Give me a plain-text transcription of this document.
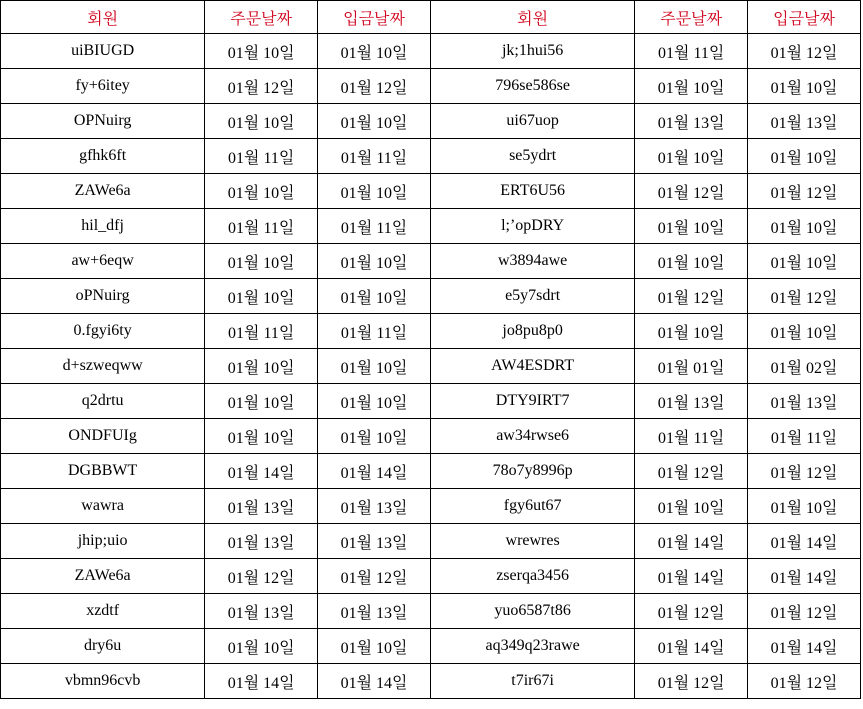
회원	주문날짜	입금날짜	회원	주문날짜	입금날짜
uiBIUGD	01월 10일	01월 10일	jk;1hui56	01월 11일	01월 12일
fy+6itey	01월 12일	01월 12일	796se586se	01월 10일	01월 10일
OPNuirg	01월 10일	01월 10일	ui67uop	01월 13일	01월 13일
gfhk6ft	01월 11일	01월 11일	se5ydrt	01월 10일	01월 10일
ZAWe6a	01월 10일	01월 10일	ERT6U56	01월 12일	01월 12일
hil_dfj	01월 11일	01월 11일	l;’opDRY	01월 10일	01월 10일
aw+6eqw	01월 10일	01월 10일	w3894awe	01월 10일	01월 10일
oPNuirg	01월 10일	01월 10일	e5y7sdrt	01월 12일	01월 12일
0.fgyi6ty	01월 11일	01월 11일	jo8pu8p0	01월 10일	01월 10일
d+szweqww	01월 10일	01월 10일	AW4ESDRT	01월 01일	01월 02일
q2drtu	01월 10일	01월 10일	DTY9IRT7	01월 13일	01월 13일
ONDFUIg	01월 10일	01월 10일	aw34rwse6	01월 11일	01월 11일
DGBBWT	01월 14일	01월 14일	78o7y8996p	01월 12일	01월 12일
wawra	01월 13일	01월 13일	fgy6ut67	01월 10일	01월 10일
jhip;uio	01월 13일	01월 13일	wrewres	01월 14일	01월 14일
ZAWe6a	01월 12일	01월 12일	zserqa3456	01월 14일	01월 14일
xzdtf	01월 13일	01월 13일	yuo6587t86	01월 12일	01월 12일
dry6u	01월 10일	01월 10일	aq349q23rawe	01월 14일	01월 14일
vbmn96cvb	01월 14일	01월 14일	t7ir67i	01월 12일	01월 12일
